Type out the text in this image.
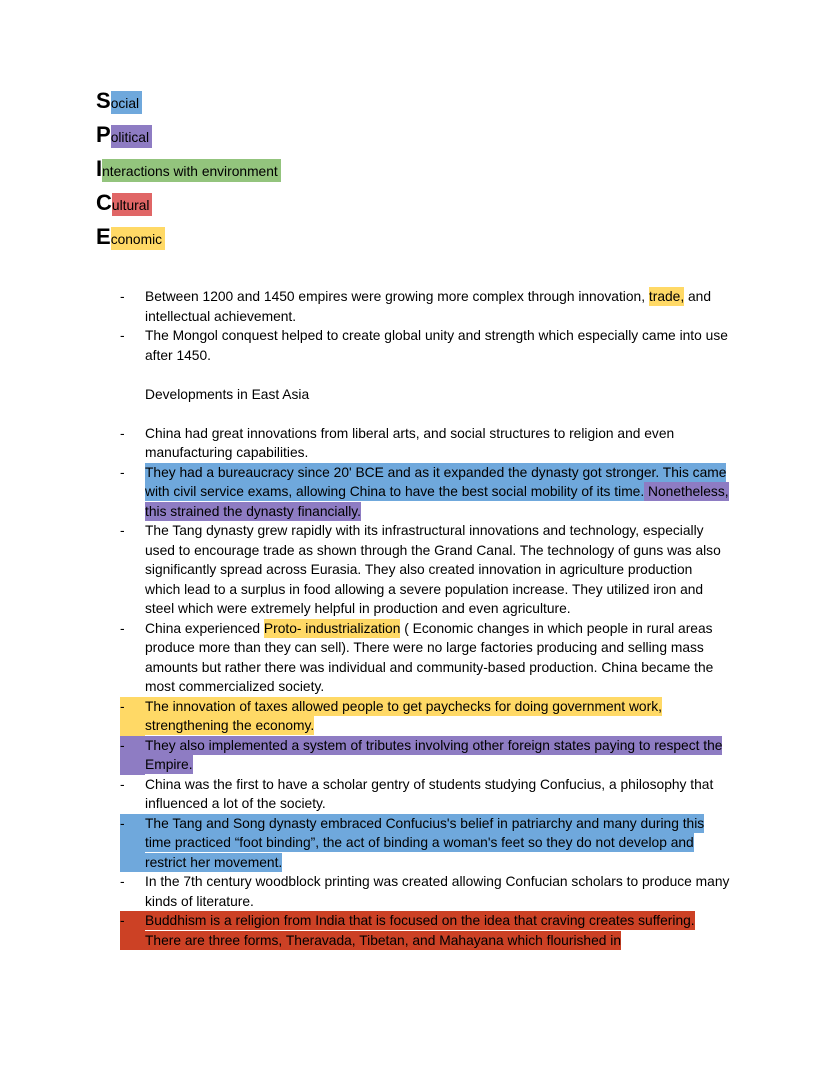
S ocial
P olitical
I nteractions with environment
C ultural
E conomic
-	Between 1200 and 1450 empires were growing more complex through innovation, trade, and intellectual achievement.
-	The Mongol conquest helped to create global unity and strength which especially came into use after 1450.
Developments in East Asia
-	China had great innovations from liberal arts, and social structures to religion and even manufacturing capabilities.
-	They had a bureaucracy since 20' BCE and as it expanded the dynasty got stronger. This came with civil service exams, allowing China to have the best social mobility of its time. Nonetheless, this strained the dynasty financially.
-	The Tang dynasty grew rapidly with its infrastructural innovations and technology, especially used to encourage trade as shown through the Grand Canal. The technology of guns was also significantly spread across Eurasia. They also created innovation in agriculture production which lead to a surplus in food allowing a severe population increase. They utilized iron and steel which were extremely helpful in production and even agriculture.
-	China experienced Proto- industrialization ( Economic changes in which people in rural areas produce more than they can sell). There were no large factories producing and selling mass amounts but rather there was individual and community-based production. China became the most commercialized society.
-	The innovation of taxes allowed people to get paychecks for doing government work, strengthening the economy.
-	They also implemented a system of tributes involving other foreign states paying to respect the Empire.
-	China was the first to have a scholar gentry of students studying Confucius, a philosophy that influenced a lot of the society.
-	The Tang and Song dynasty embraced Confucius's belief in patriarchy and many during this time practiced “foot binding”, the act of binding a woman's feet so they do not develop and restrict her movement.
-	In the 7th century woodblock printing was created allowing Confucian scholars to produce many kinds of literature.
-	Buddhism is a religion from India that is focused on the idea that craving creates suffering. There are three forms, Theravada, Tibetan, and Mahayana which flourished in
